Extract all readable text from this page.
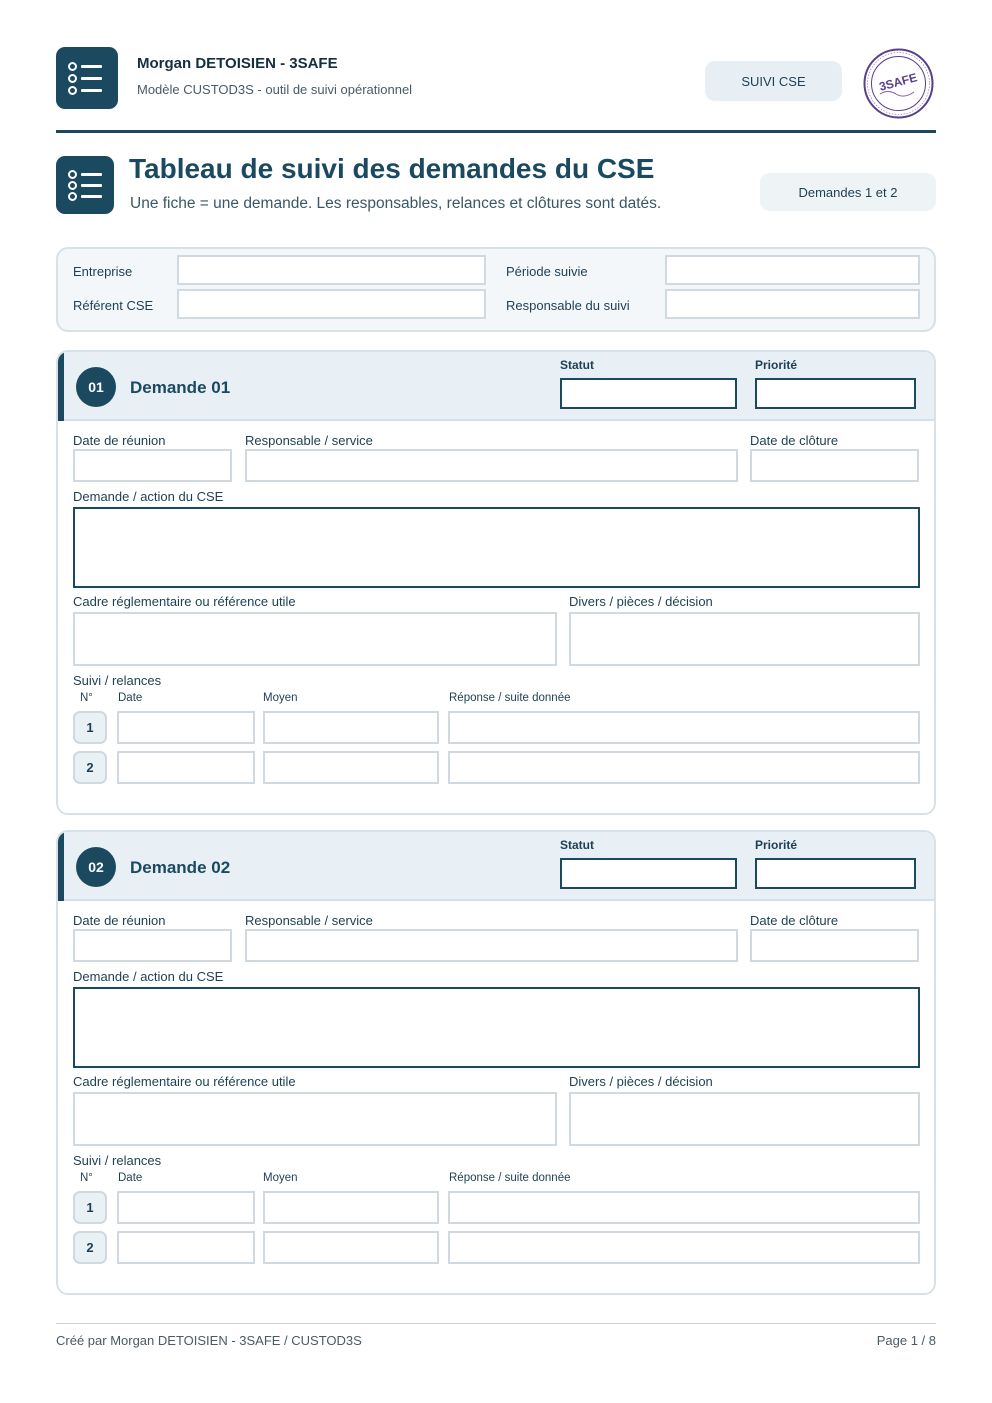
Morgan DETOISIEN - 3SAFE
Modèle CUSTOD3S - outil de suivi opérationnel
SUIVI CSE	3SAFE
Tableau de suivi des demandes du CSE
Une fiche = une demande. Les responsables, relances et clôtures sont datés.
Demandes 1 et 2
Entreprise	Période suivie
Référent CSE	Responsable du suivi
01	Demande 01
Statut	Priorité
Date de réunion	Responsable / service	Date de clôture
Demande / action du CSE
Cadre réglementaire ou référence utile	Divers / pièces / décision
Suivi / relances
N° Date	Moyen	Réponse / suite donnée
1
2
02	Demande 02
Statut	Priorité
Date de réunion	Responsable / service	Date de clôture
Demande / action du CSE
Cadre réglementaire ou référence utile	Divers / pièces / décision
Suivi / relances
N° Date	Moyen	Réponse / suite donnée
1
2
Créé par Morgan DETOISIEN - 3SAFE / CUSTOD3S	Page 1 / 8
